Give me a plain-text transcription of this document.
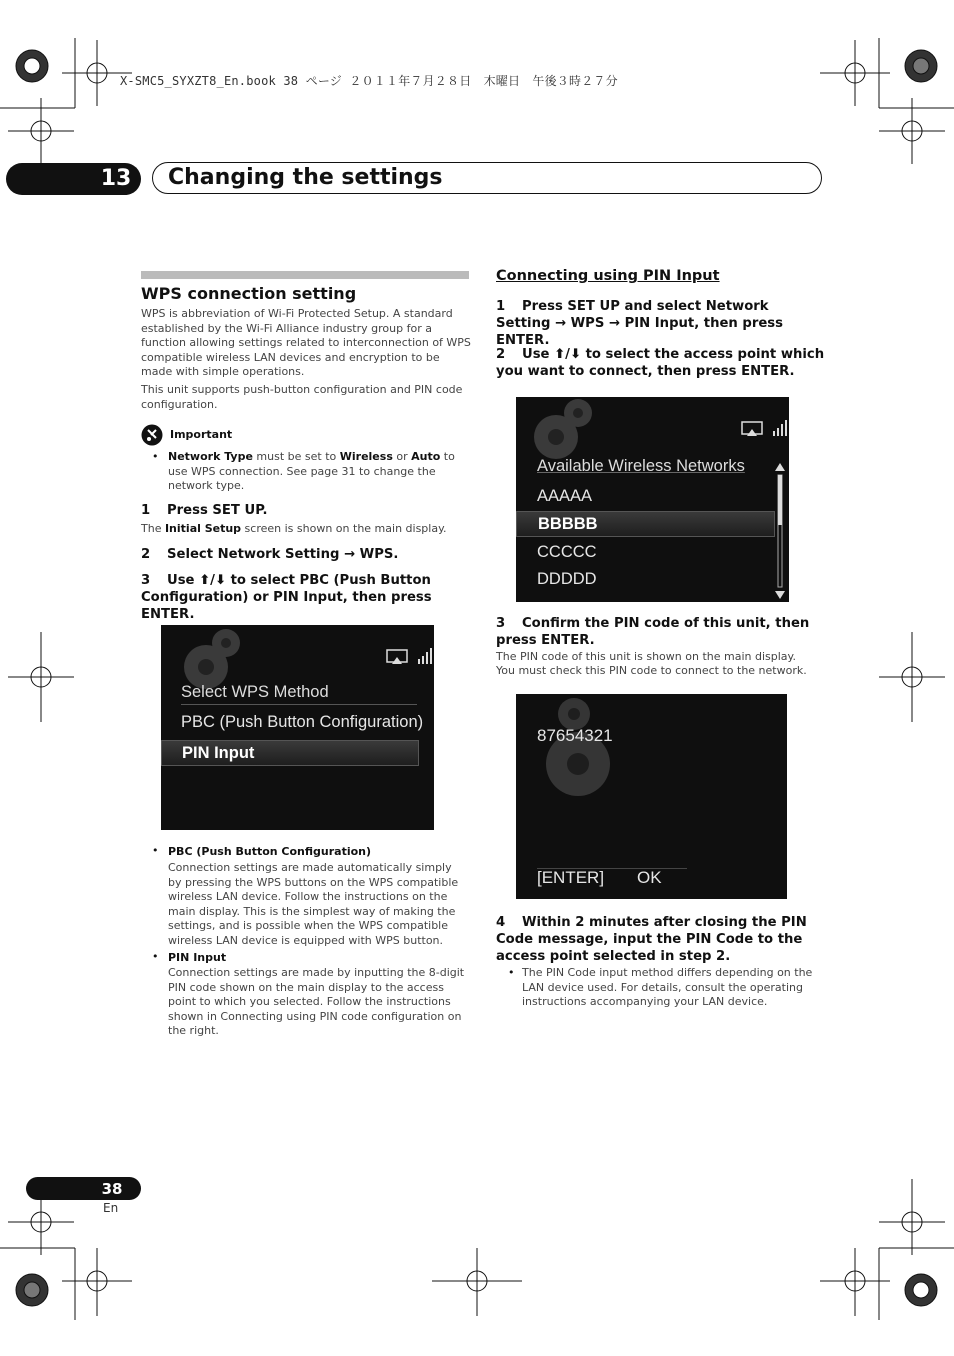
X-SMC5_SYXZT8_En.book 38 ページ ２０１１年７月２８日　木曜日　午後３時２７分
13 Changing the settings
WPS connection setting
WPS is abbreviation of Wi-Fi Protected Setup. A standard established by the Wi-Fi Alliance industry group for a function allowing settings related to interconnection of WPS compatible wireless LAN devices and encryption to be made with simple operations.
This unit supports push-button configuration and PIN code configuration.
Important
• Network Type must be set to Wireless or Auto to use WPS connection. See page 31 to change the network type.
1 Press SET UP.
The Initial Setup screen is shown on the main display.
2 Select Network Setting → WPS.
3 Use ⬆/⬇ to select PBC (Push Button Configuration) or PIN Input, then press ENTER.
Select WPS Method
PBC (Push Button Configuration)
PIN Input
• PBC (Push Button Configuration)
Connection settings are made automatically simply by pressing the WPS buttons on the WPS compatible wireless LAN device. Follow the instructions on the main display. This is the simplest way of making the settings, and is possible when the WPS compatible wireless LAN device is equipped with WPS button.
• PIN Input
Connection settings are made by inputting the 8-digit PIN code shown on the main display to the access point to which you selected. Follow the instructions shown in Connecting using PIN code configuration on the right.
Connecting using PIN Input
1 Press SET UP and select Network Setting → WPS → PIN Input, then press ENTER.
2 Use ⬆/⬇ to select the access point which you want to connect, then press ENTER.
Available Wireless Networks
AAAAA
BBBBB
CCCCC
DDDDD
3 Confirm the PIN code of this unit, then press ENTER.
The PIN code of this unit is shown on the main display.
You must check this PIN code to connect to the network.
87654321
[ENTER] OK
4 Within 2 minutes after closing the PIN Code message, input the PIN Code to the access point selected in step 2.
• The PIN Code input method differs depending on the LAN device used. For details, consult the operating instructions accompanying your LAN device.
38
En
